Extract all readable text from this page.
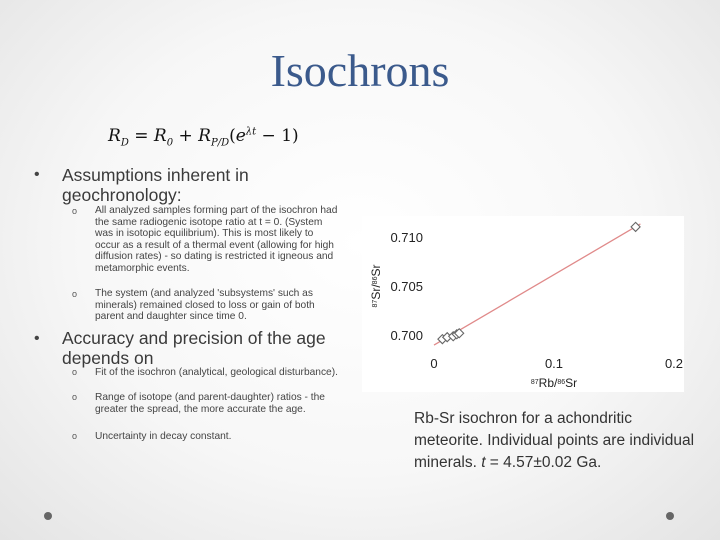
Isochrons
$R_D = R_0 + R_{P/D}(e^{\lambda t} - 1)$
• Assumptions inherent in geochronology:
o All analyzed samples forming part of the isochron had the same radiogenic isotope ratio at t = 0. (System was in isotopic equilibrium). This is most likely to occur as a result of a thermal event (allowing for high diffusion rates) - so dating is restricted it igneous and metamorphic events.
o The system (and analyzed 'subsystems' such as minerals) remained closed to loss or gain of both parent and daughter since time 0.
• Accuracy and precision of the age depends on
o Fit of the isochron (analytical, geological disturbance).
o Range of isotope (and parent-daughter) ratios - the greater the spread, the more accurate the age.
o Uncertainty in decay constant.
0.700
0.705
0.710
0	0.1	0.2
$^{87}$Rb/$^{86}$Sr
$^{87}$Sr/$^{86}$Sr
Rb-Sr isochron for a achondritic meteorite. Individual points are individual minerals. t = 4.57±0.02 Ga.
